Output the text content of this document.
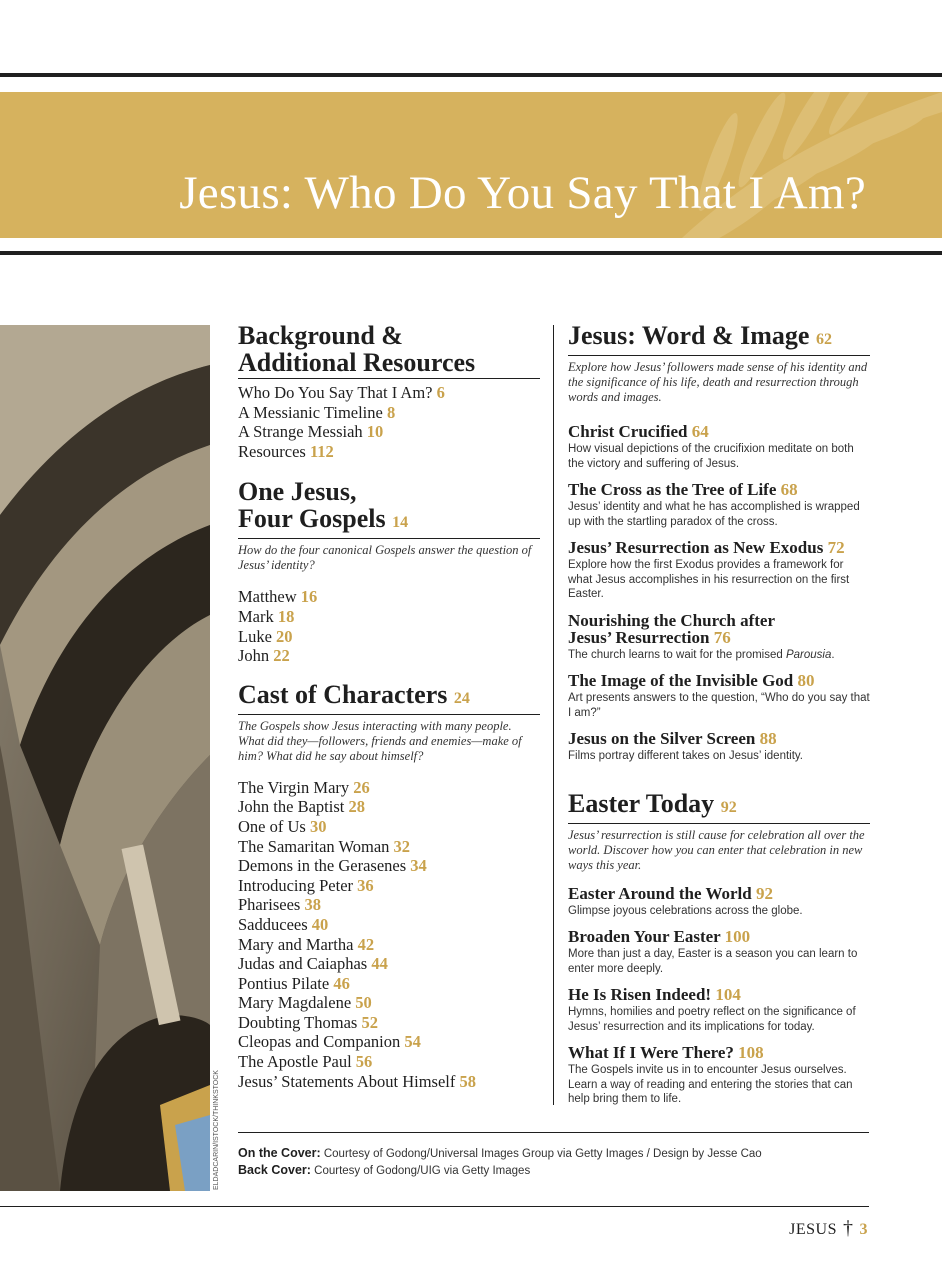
Jesus: Who Do You Say That I Am?
ELDADCARIN/ISTOCK/THINKSTOCK
Background &
Additional Resources
Who Do You Say That I Am? 6
A Messianic Timeline 8
A Strange Messiah 10
Resources 112
One Jesus,
Four Gospels 14
How do the four canonical Gospels answer the question of Jesus’ identity?
Matthew 16
Mark 18
Luke 20
John 22
Cast of Characters 24
The Gospels show Jesus interacting with many people. What did they—followers, friends and enemies—make of him? What did he say about himself?
The Virgin Mary 26
John the Baptist 28
One of Us 30
The Samaritan Woman 32
Demons in the Gerasenes 34
Introducing Peter 36
Pharisees 38
Sadducees 40
Mary and Martha 42
Judas and Caiaphas 44
Pontius Pilate 46
Mary Magdalene 50
Doubting Thomas 52
Cleopas and Companion 54
The Apostle Paul 56
Jesus’ Statements About Himself 58
Jesus: Word & Image 62
Explore how Jesus’ followers made sense of his identity and the significance of his life, death and resurrection through words and images.
Christ Crucified 64
How visual depictions of the crucifixion meditate on both the victory and suffering of Jesus.
The Cross as the Tree of Life 68
Jesus’ identity and what he has accomplished is wrapped up with the startling paradox of the cross.
Jesus’ Resurrection as New Exodus 72
Explore how the first Exodus provides a framework for what Jesus accomplishes in his resurrection on the first Easter.
Nourishing the Church after
Jesus’ Resurrection 76
The church learns to wait for the promised Parousia.
The Image of the Invisible God 80
Art presents answers to the question, “Who do you say that I am?”
Jesus on the Silver Screen 88
Films portray different takes on Jesus’ identity.
Easter Today 92
Jesus’ resurrection is still cause for celebration all over the world. Discover how you can enter that celebration in new ways this year.
Easter Around the World 92
Glimpse joyous celebrations across the globe.
Broaden Your Easter 100
More than just a day, Easter is a season you can learn to enter more deeply.
He Is Risen Indeed! 104
Hymns, homilies and poetry reflect on the significance of Jesus’ resurrection and its implications for today.
What If I Were There? 108
The Gospels invite us in to encounter Jesus ourselves. Learn a way of reading and entering the stories that can help bring them to life.
On the Cover: Courtesy of Godong/Universal Images Group via Getty Images / Design by Jesse Cao
Back Cover: Courtesy of Godong/UIG via Getty Images
JESUS † 3
